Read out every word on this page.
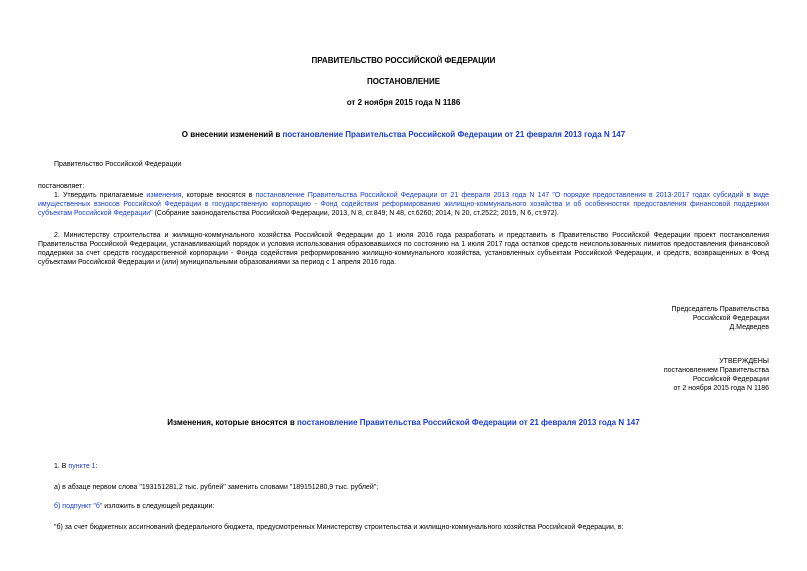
ПРАВИТЕЛЬСТВО РОССИЙСКОЙ ФЕДЕРАЦИИ
ПОСТАНОВЛЕНИЕ
от 2 ноября 2015 года N 1186
О внесении изменений в постановление Правительства Российской Федерации от 21 февраля 2013 года N 147
Правительство Российской Федерации
постановляет:
1. Утвердить прилагаемые изменения, которые вносятся в постановление Правительства Российской Федерации от 21 февраля 2013 года N 147 "О порядке предоставления в 2013-2017 годах субсидий в виде имущественных взносов Российской Федерации в государственную корпорацию - Фонд содействия реформированию жилищно-коммунального хозяйства и об особенностях предоставления финансовой поддержки субъектам Российской Федерации" (Собрание законодательства Российской Федерации, 2013, N 8, ст.849; N 48, ст.6260; 2014, N 20, ст.2522; 2015, N 6, ст.972).
2. Министерству строительства и жилищно-коммунального хозяйства Российской Федерации до 1 июля 2016 года разработать и представить в Правительство Российской Федерации проект постановления Правительства Российской Федерации, устанавливающий порядок и условия использования образовавшихся по состоянию на 1 июля 2017 года остатков средств неиспользованных лимитов предоставления финансовой поддержки за счет средств государственной корпорации - Фонда содействия реформированию жилищно-коммунального хозяйства, установленных субъектам Российской Федерации, и средств, возвращенных в Фонд субъектами Российской Федерации и (или) муниципальными образованиями за период с 1 апреля 2016 года.
Председатель Правительства
Российской Федерации
Д.Медведев
УТВЕРЖДЕНЫ
постановлением Правительства
Российской Федерации
от 2 ноября 2015 года N 1186
Изменения, которые вносятся в постановление Правительства Российской Федерации от 21 февраля 2013 года N 147
1. В пункте 1:
а) в абзаце первом слова "193151281,2 тыс. рублей" заменить словами "189151280,9 тыс. рублей";
б) подпункт "б" изложить в следующей редакции:
"б) за счет бюджетных ассигнований федерального бюджета, предусмотренных Министерству строительства и жилищно-коммунального хозяйства Российской Федерации, в:
